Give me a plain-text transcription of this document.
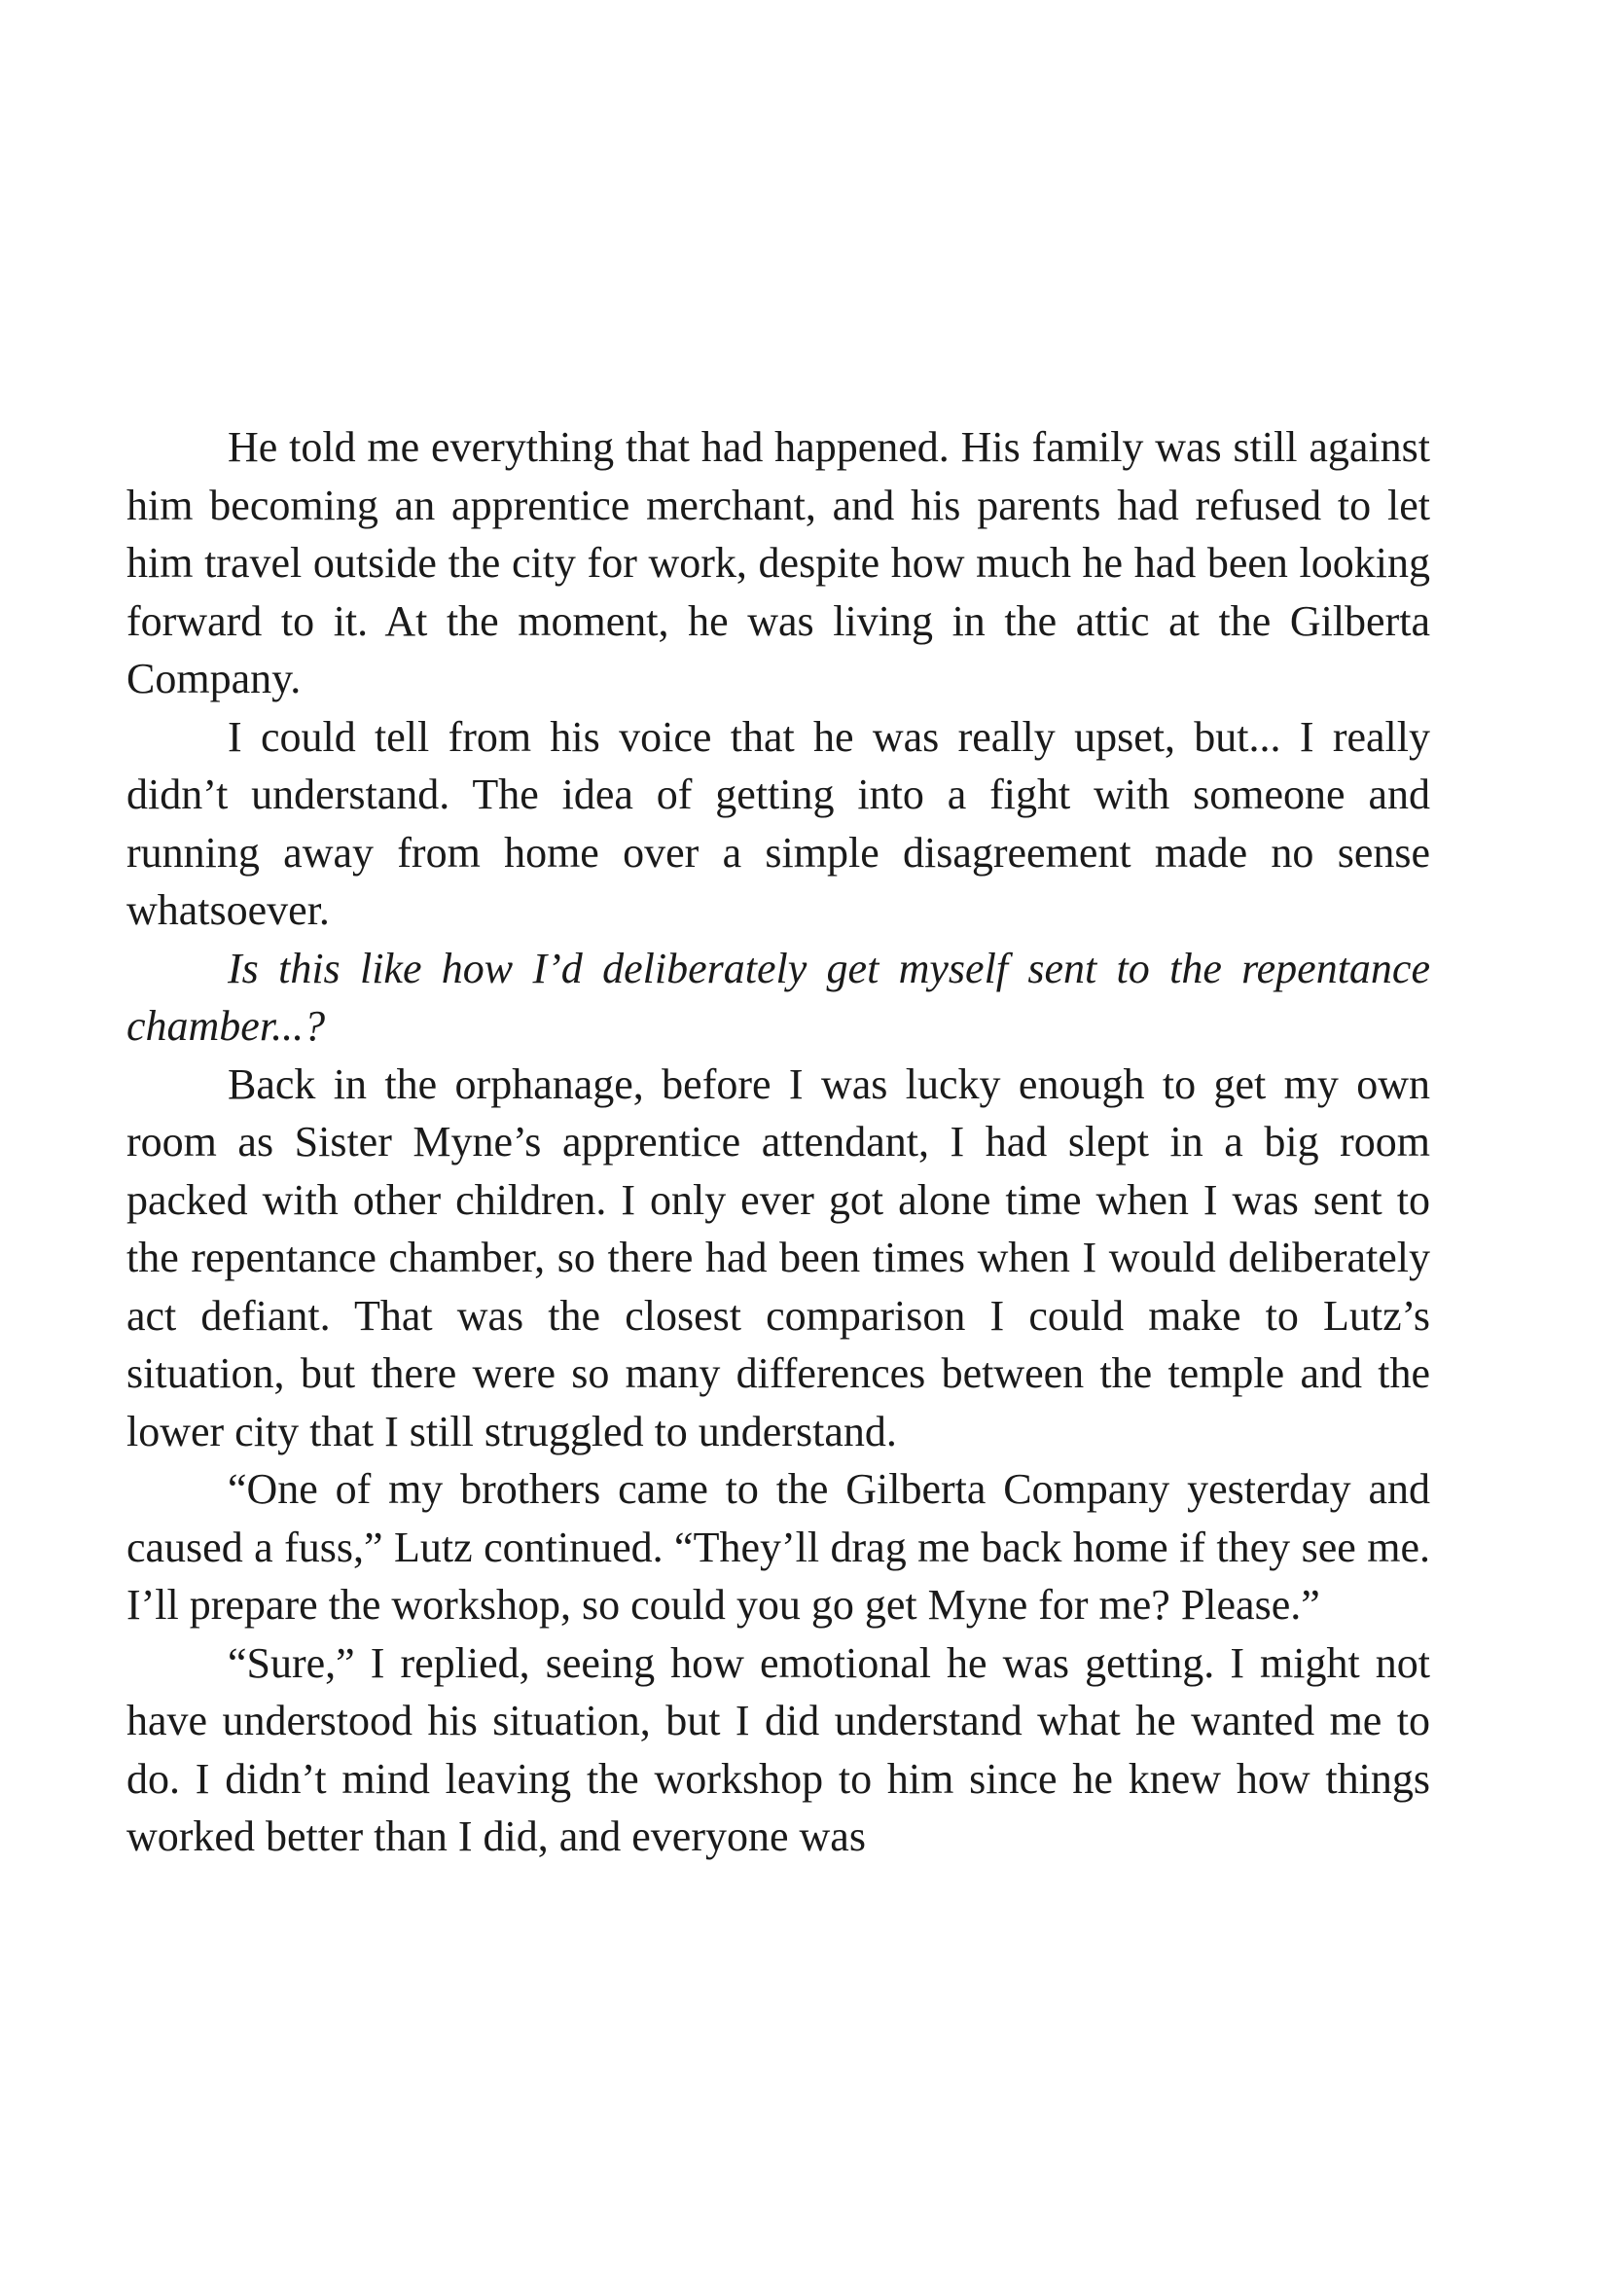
He told me everything that had happened. His family was still against him becoming an apprentice merchant, and his parents had refused to let him travel outside the city for work, despite how much he had been looking forward to it. At the moment, he was living in the attic at the Gilberta Company.

I could tell from his voice that he was really upset, but... I really didn’t understand. The idea of getting into a fight with someone and running away from home over a simple disagreement made no sense whatsoever.

Is this like how I’d deliberately get myself sent to the repentance chamber...?

Back in the orphanage, before I was lucky enough to get my own room as Sister Myne’s apprentice attendant, I had slept in a big room packed with other children. I only ever got alone time when I was sent to the repentance chamber, so there had been times when I would deliberately act defiant. That was the closest comparison I could make to Lutz’s situation, but there were so many differences between the temple and the lower city that I still struggled to understand.

“One of my brothers came to the Gilberta Company yesterday and caused a fuss,” Lutz continued. “They’ll drag me back home if they see me. I’ll prepare the workshop, so could you go get Myne for me? Please.”

“Sure,” I replied, seeing how emotional he was getting. I might not have understood his situation, but I did understand what he wanted me to do. I didn’t mind leaving the workshop to him since he knew how things worked better than I did, and everyone was
